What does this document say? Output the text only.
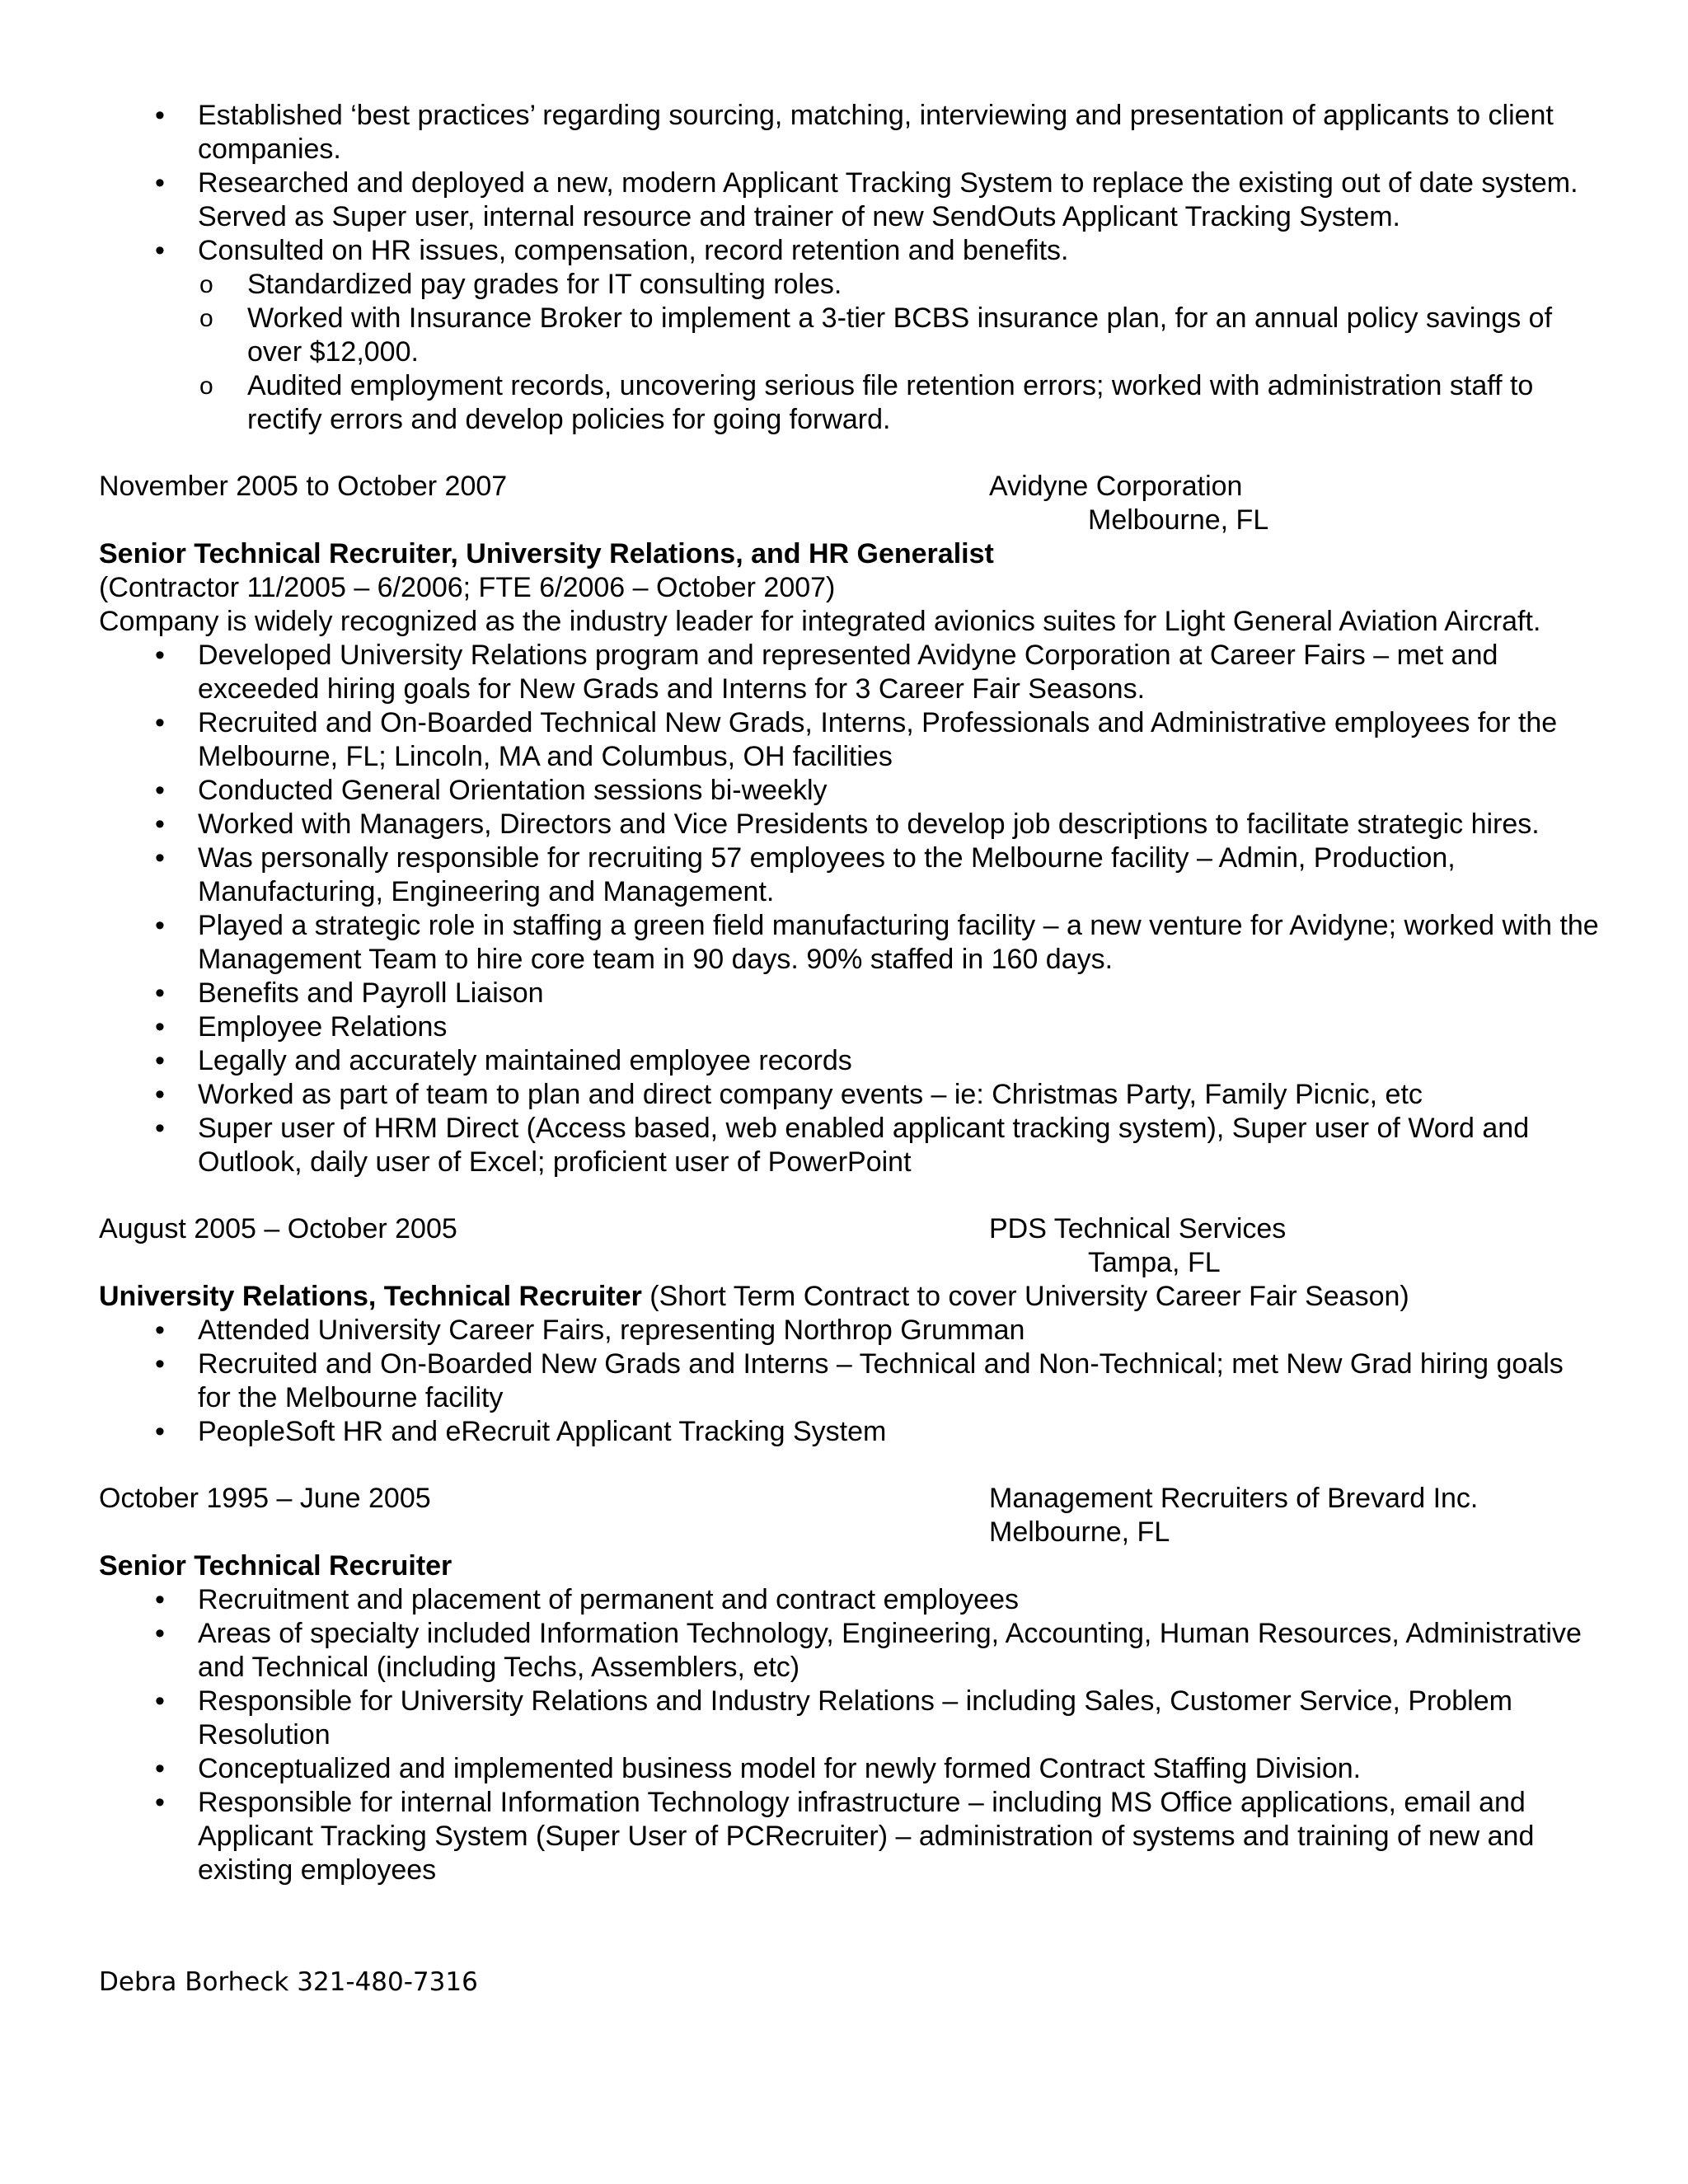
• Established ‘best practices’ regarding sourcing, matching, interviewing and presentation of applicants to client companies.
• Researched and deployed a new, modern Applicant Tracking System to replace the existing out of date system. Served as Super user, internal resource and trainer of new SendOuts Applicant Tracking System.
• Consulted on HR issues, compensation, record retention and benefits.
o Standardized pay grades for IT consulting roles.
o Worked with Insurance Broker to implement a 3-tier BCBS insurance plan, for an annual policy savings of over $12,000.
o Audited employment records, uncovering serious file retention errors; worked with administration staff to rectify errors and develop policies for going forward.
November 2005 to October 2007	Avidyne Corporation
Melbourne, FL
Senior Technical Recruiter, University Relations, and HR Generalist
(Contractor 11/2005 – 6/2006; FTE 6/2006 – October 2007)
Company is widely recognized as the industry leader for integrated avionics suites for Light General Aviation Aircraft.
• Developed University Relations program and represented Avidyne Corporation at Career Fairs – met and exceeded hiring goals for New Grads and Interns for 3 Career Fair Seasons.
• Recruited and On-Boarded Technical New Grads, Interns, Professionals and Administrative employees for the Melbourne, FL; Lincoln, MA and Columbus, OH facilities
• Conducted General Orientation sessions bi-weekly
• Worked with Managers, Directors and Vice Presidents to develop job descriptions to facilitate strategic hires.
• Was personally responsible for recruiting 57 employees to the Melbourne facility – Admin, Production, Manufacturing, Engineering and Management.
• Played a strategic role in staffing a green field manufacturing facility – a new venture for Avidyne; worked with the Management Team to hire core team in 90 days. 90% staffed in 160 days.
• Benefits and Payroll Liaison
• Employee Relations
• Legally and accurately maintained employee records
• Worked as part of team to plan and direct company events – ie: Christmas Party, Family Picnic, etc
• Super user of HRM Direct (Access based, web enabled applicant tracking system), Super user of Word and Outlook, daily user of Excel; proficient user of PowerPoint
August 2005 – October 2005	PDS Technical Services
Tampa, FL
University Relations, Technical Recruiter (Short Term Contract to cover University Career Fair Season)
• Attended University Career Fairs, representing Northrop Grumman
• Recruited and On-Boarded New Grads and Interns – Technical and Non-Technical; met New Grad hiring goals for the Melbourne facility
• PeopleSoft HR and eRecruit Applicant Tracking System
October 1995 – June 2005	Management Recruiters of Brevard Inc.
Melbourne, FL
Senior Technical Recruiter
• Recruitment and placement of permanent and contract employees
• Areas of specialty included Information Technology, Engineering, Accounting, Human Resources, Administrative and Technical (including Techs, Assemblers, etc)
• Responsible for University Relations and Industry Relations – including Sales, Customer Service, Problem Resolution
• Conceptualized and implemented business model for newly formed Contract Staffing Division.
• Responsible for internal Information Technology infrastructure – including MS Office applications, email and Applicant Tracking System (Super User of PCRecruiter) – administration of systems and training of new and existing employees
Debra Borheck 321-480-7316
